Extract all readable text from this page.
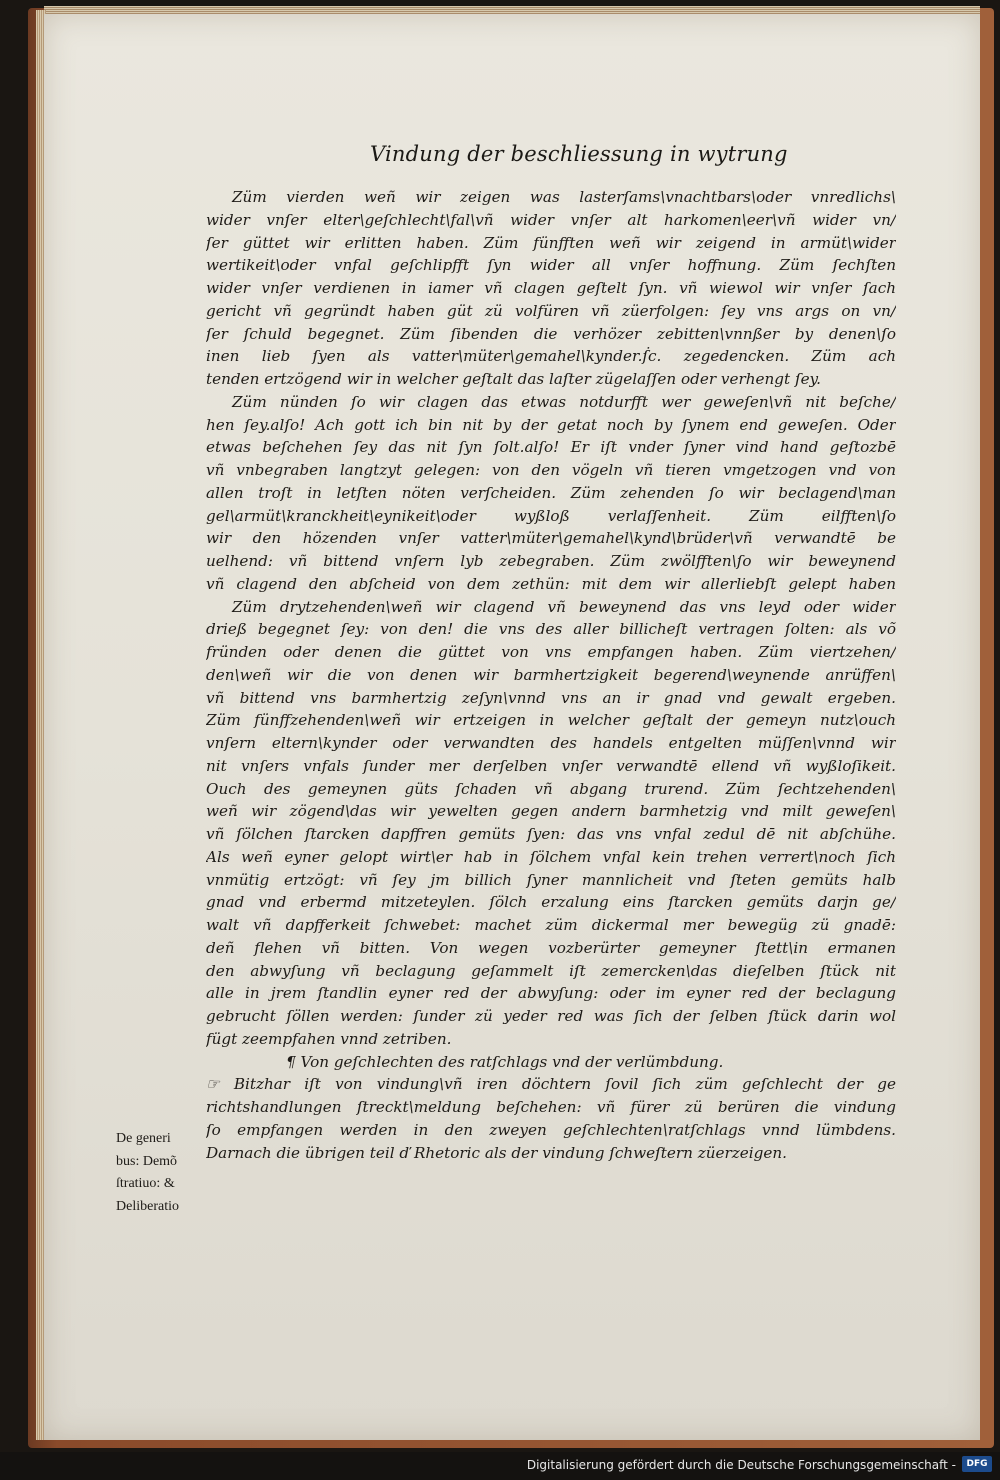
Vindung der beschliessung in wytrung
Züm vierden weñ wir zeigen was lasterſams\vnachtbars\oder vnredlichs\
wider vnſer elter\geſchlecht\fal\vñ wider vnſer alt harkomen\eer\vñ wider vn/
ſer güttet wir erlitten haben. Züm fünfften weñ wir zeigend in armüt\wider
wertikeit\oder vnfal geſchlipfft ſyn wider all vnſer hoffnung. Züm ſechſten
wider vnſer verdienen in iamer vñ clagen geſtelt ſyn. vñ wiewol wir vnſer ſach
gericht vñ gegründt haben güt zü volfüren vñ züerfolgen: ſey vns args on vn/
ſer ſchuld begegnet. Züm ſibenden die verhözer zebitten\vnnßer by denen\ſo
inen lieb ſyen als vatter\müter\gemahel\kynder.ẛc. zegedencken. Züm ach
tenden ertzögend wir in welcher geſtalt das laſter zügelaſſen oder verhengt ſey.
Züm nünden ſo wir clagen das etwas notdurfft wer geweſen\vñ nit beſche/
hen ſey.alſo! Ach gott ich bin nit by der getat noch by ſynem end geweſen. Oder
etwas beſchehen ſey das nit ſyn ſolt.alſo! Er iſt vnder ſyner vind hand geſtozbē
vñ vnbegraben langtzyt gelegen: von den vögeln vñ tieren vmgetzogen vnd von
allen troſt in letſten nöten verſcheiden. Züm zehenden ſo wir beclagend\man
gel\armüt\kranckheit\eynikeit\oder wyßloß verlaſſenheit. Züm eilfften\ſo
wir den hözenden vnſer vatter\müter\gemahel\kynd\brüder\vñ verwandtē be
uelhend: vñ bittend vnſern lyb zebegraben. Züm zwölfften\ſo wir beweynend
vñ clagend den abſcheid von dem zethün: mit dem wir allerliebſt gelept haben
Züm drytzehenden\weñ wir clagend vñ beweynend das vns leyd oder wider
drieß begegnet ſey: von den! die vns des aller billicheſt vertragen ſolten: als võ
fründen oder denen die güttet von vns empfangen haben. Züm viertzehen/
den\weñ wir die von denen wir barmhertzigkeit begerend\weynende anrüffen\
vñ bittend vns barmhertzig zeſyn\vnnd vns an ir gnad vnd gewalt ergeben.
Züm fünffzehenden\weñ wir ertzeigen in welcher geſtalt der gemeyn nutz\ouch
vnſern eltern\kynder oder verwandten des handels entgelten müſſen\vnnd wir
nit vnſers vnfals ſunder mer derſelben vnſer verwandtē ellend vñ wyßloſikeit.
Ouch des gemeynen güts ſchaden vñ abgang trurend. Züm ſechtzehenden\
weñ wir zögend\das wir yewelten gegen andern barmhetzig vnd milt geweſen\
vñ ſölchen ſtarcken dapffren gemüts ſyen: das vns vnfal zedul dē nit abſchühe.
Als weñ eyner gelopt wirt\er hab in ſölchem vnfal kein trehen verrert\noch ſich
vnmütig ertzögt: vñ ſey jm billich ſyner mannlicheit vnd ſteten gemüts halb
gnad vnd erbermd mitzeteylen. ſölch erzalung eins ſtarcken gemüts darjn ge/
walt vñ dapfferkeit ſchwebet: machet züm dickermal mer bewegüg zü gnadē:
deñ flehen vñ bitten. Von wegen vozberürter gemeyner ſtett\in ermanen
den abwyſung vñ beclagung geſammelt iſt zemercken\das dieſelben ſtück nit
alle in jrem ſtandlin eyner red der abwyſung: oder im eyner red der beclagung
gebrucht ſöllen werden: ſunder zü yeder red was ſich der ſelben ſtück darin wol
fügt zeempfahen vnnd zetriben.
¶ Von geſchlechten des ratſchlags vnd der verlümbdung.
☞ Bitzhar iſt von vindung\vñ iren döchtern ſovil ſich züm geſchlecht der ge
richtshandlungen ſtreckt\meldung beſchehen: vñ fürer zü berüren die vindung
ſo empfangen werden in den zweyen geſchlechten\ratſchlags vnnd lümbdens.
Darnach die übrigen teil ď Rhetoric als der vindung ſchweſtern züerzeigen.
De generi
bus: Demõ
ſtratiuo: &
Deliberatio
Digitalisierung gefördert durch die Deutsche Forschungsgemeinschaft -	DFG
